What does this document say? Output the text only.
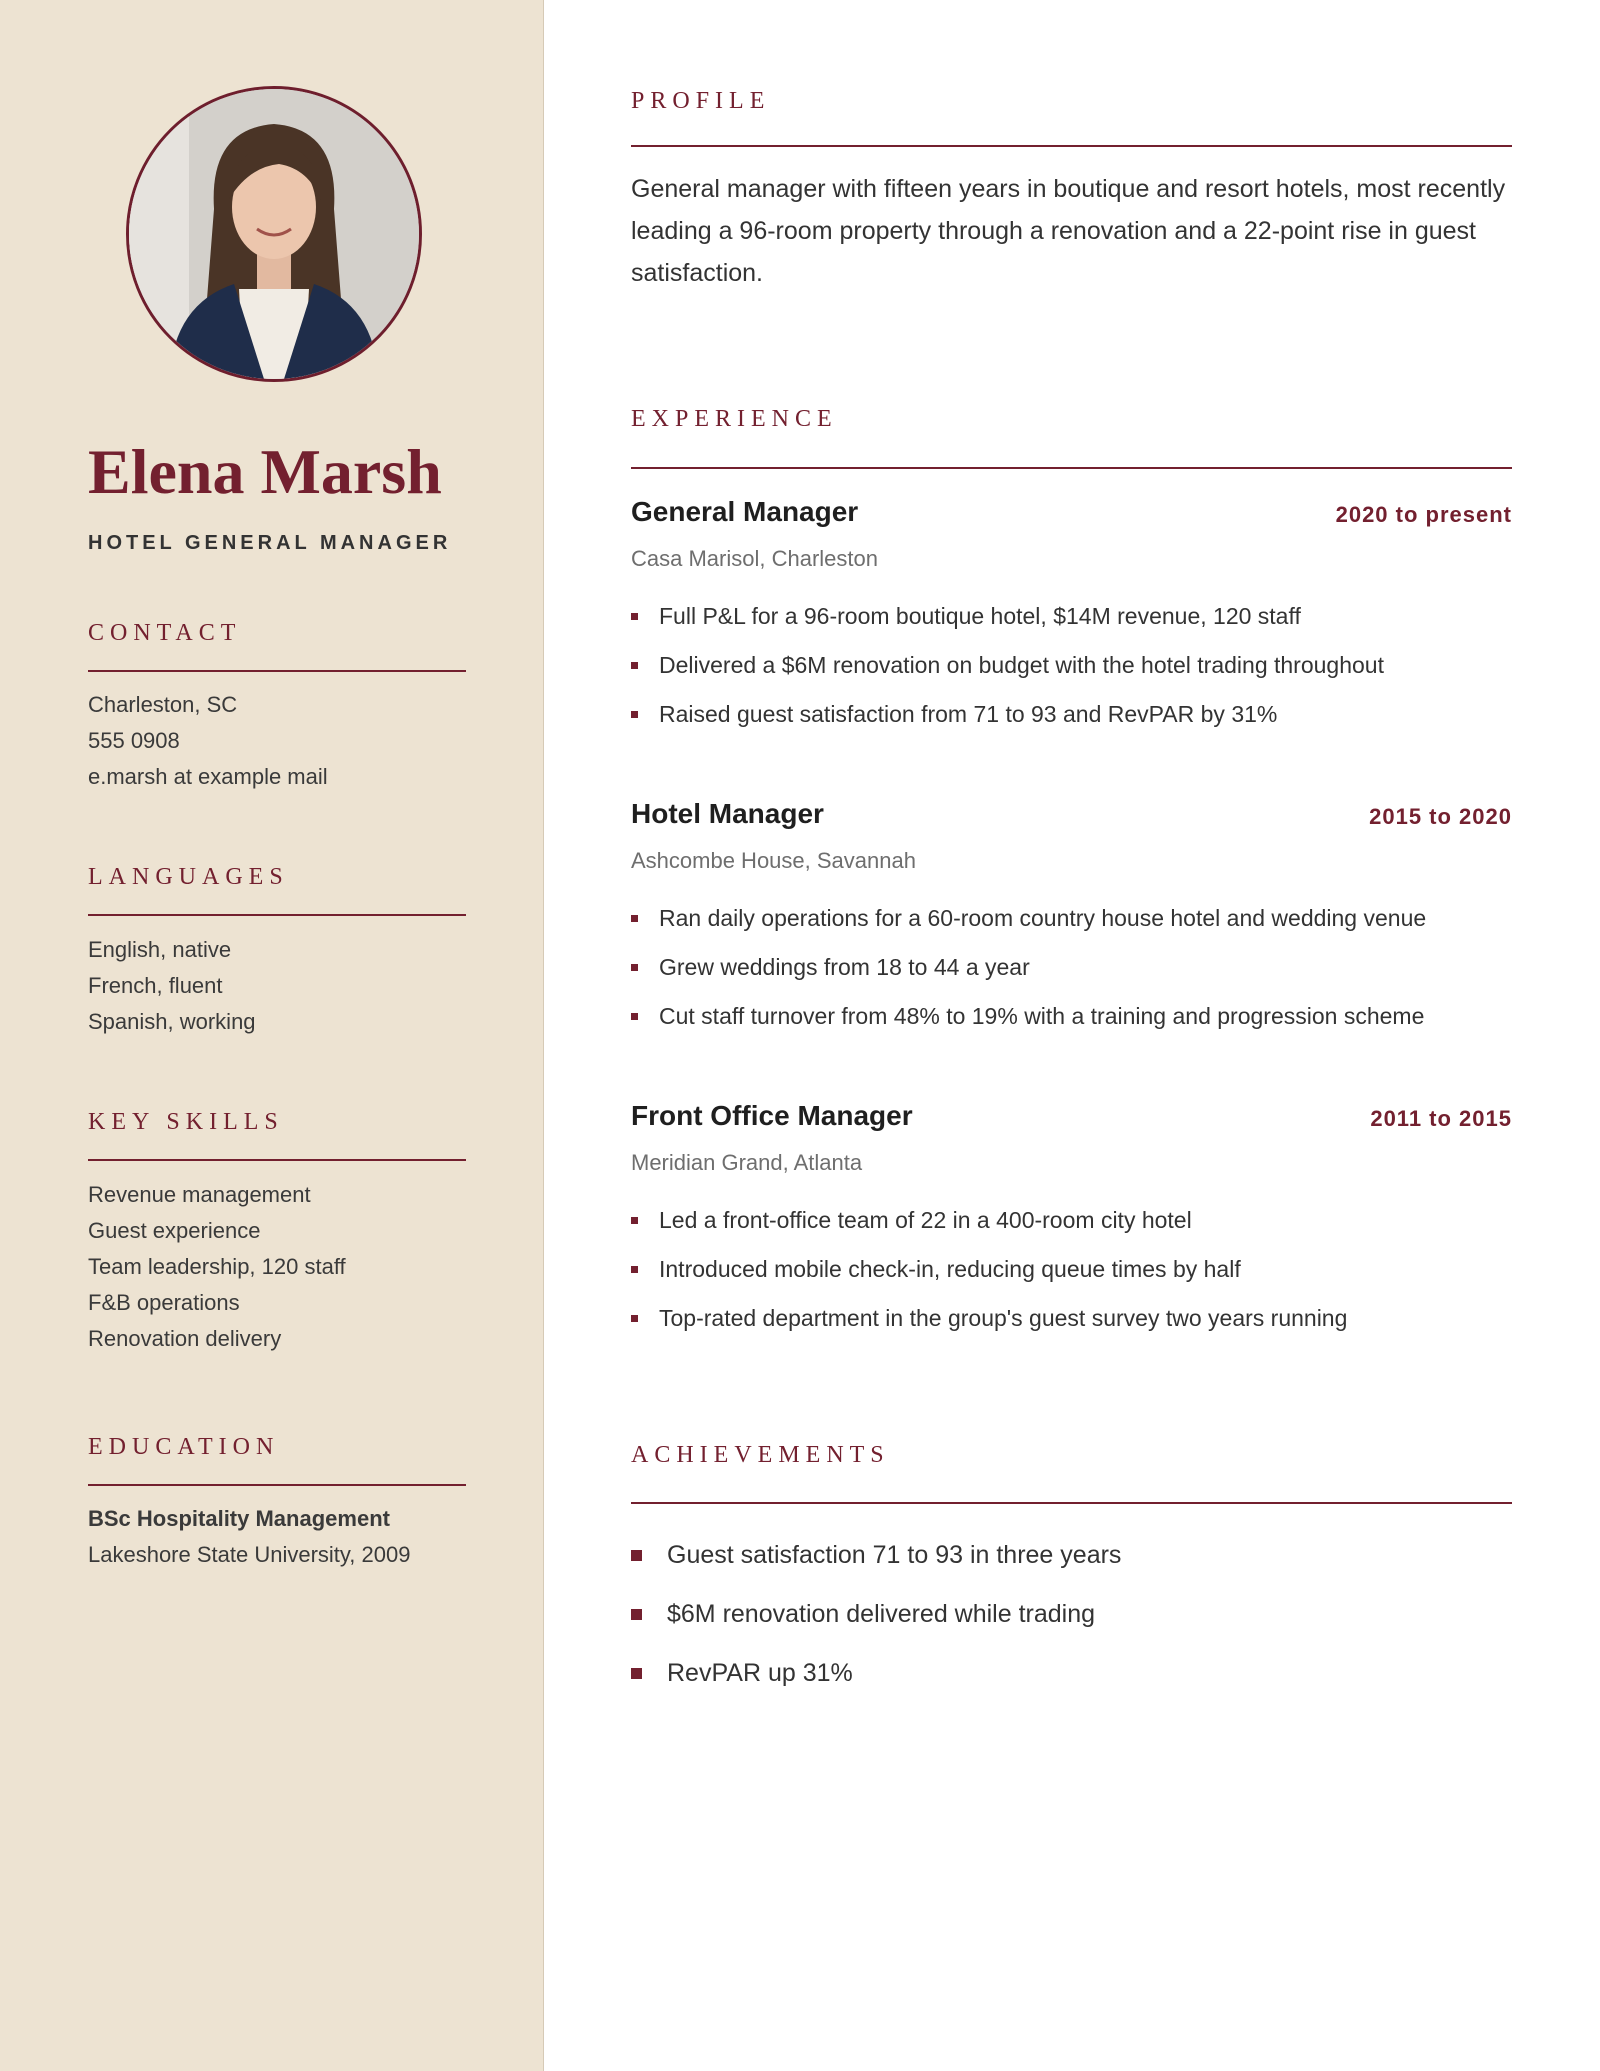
Elena Marsh
HOTEL GENERAL MANAGER
CONTACT
Charleston, SC
555 0908
e.marsh at example mail
LANGUAGES
English, native
French, fluent
Spanish, working
KEY SKILLS
Revenue management
Guest experience
Team leadership, 120 staff
F&B operations
Renovation delivery
EDUCATION
BSc Hospitality Management
Lakeshore State University, 2009
PROFILE

General manager with fifteen years in boutique and resort hotels, most recently leading a 96-room property through a renovation and a 22-point rise in guest satisfaction.

EXPERIENCE
General Manager	2020 to present
Casa Marisol, Charleston
Full P&L for a 96-room boutique hotel, $14M revenue, 120 staff
Delivered a $6M renovation on budget with the hotel trading throughout
Raised guest satisfaction from 71 to 93 and RevPAR by 31%
Hotel Manager	2015 to 2020
Ashcombe House, Savannah
Ran daily operations for a 60-room country house hotel and wedding venue
Grew weddings from 18 to 44 a year
Cut staff turnover from 48% to 19% with a training and progression scheme
Front Office Manager	2011 to 2015
Meridian Grand, Atlanta
Led a front-office team of 22 in a 400-room city hotel
Introduced mobile check-in, reducing queue times by half
Top-rated department in the group's guest survey two years running
ACHIEVEMENTS
Guest satisfaction 71 to 93 in three years
$6M renovation delivered while trading
RevPAR up 31%
